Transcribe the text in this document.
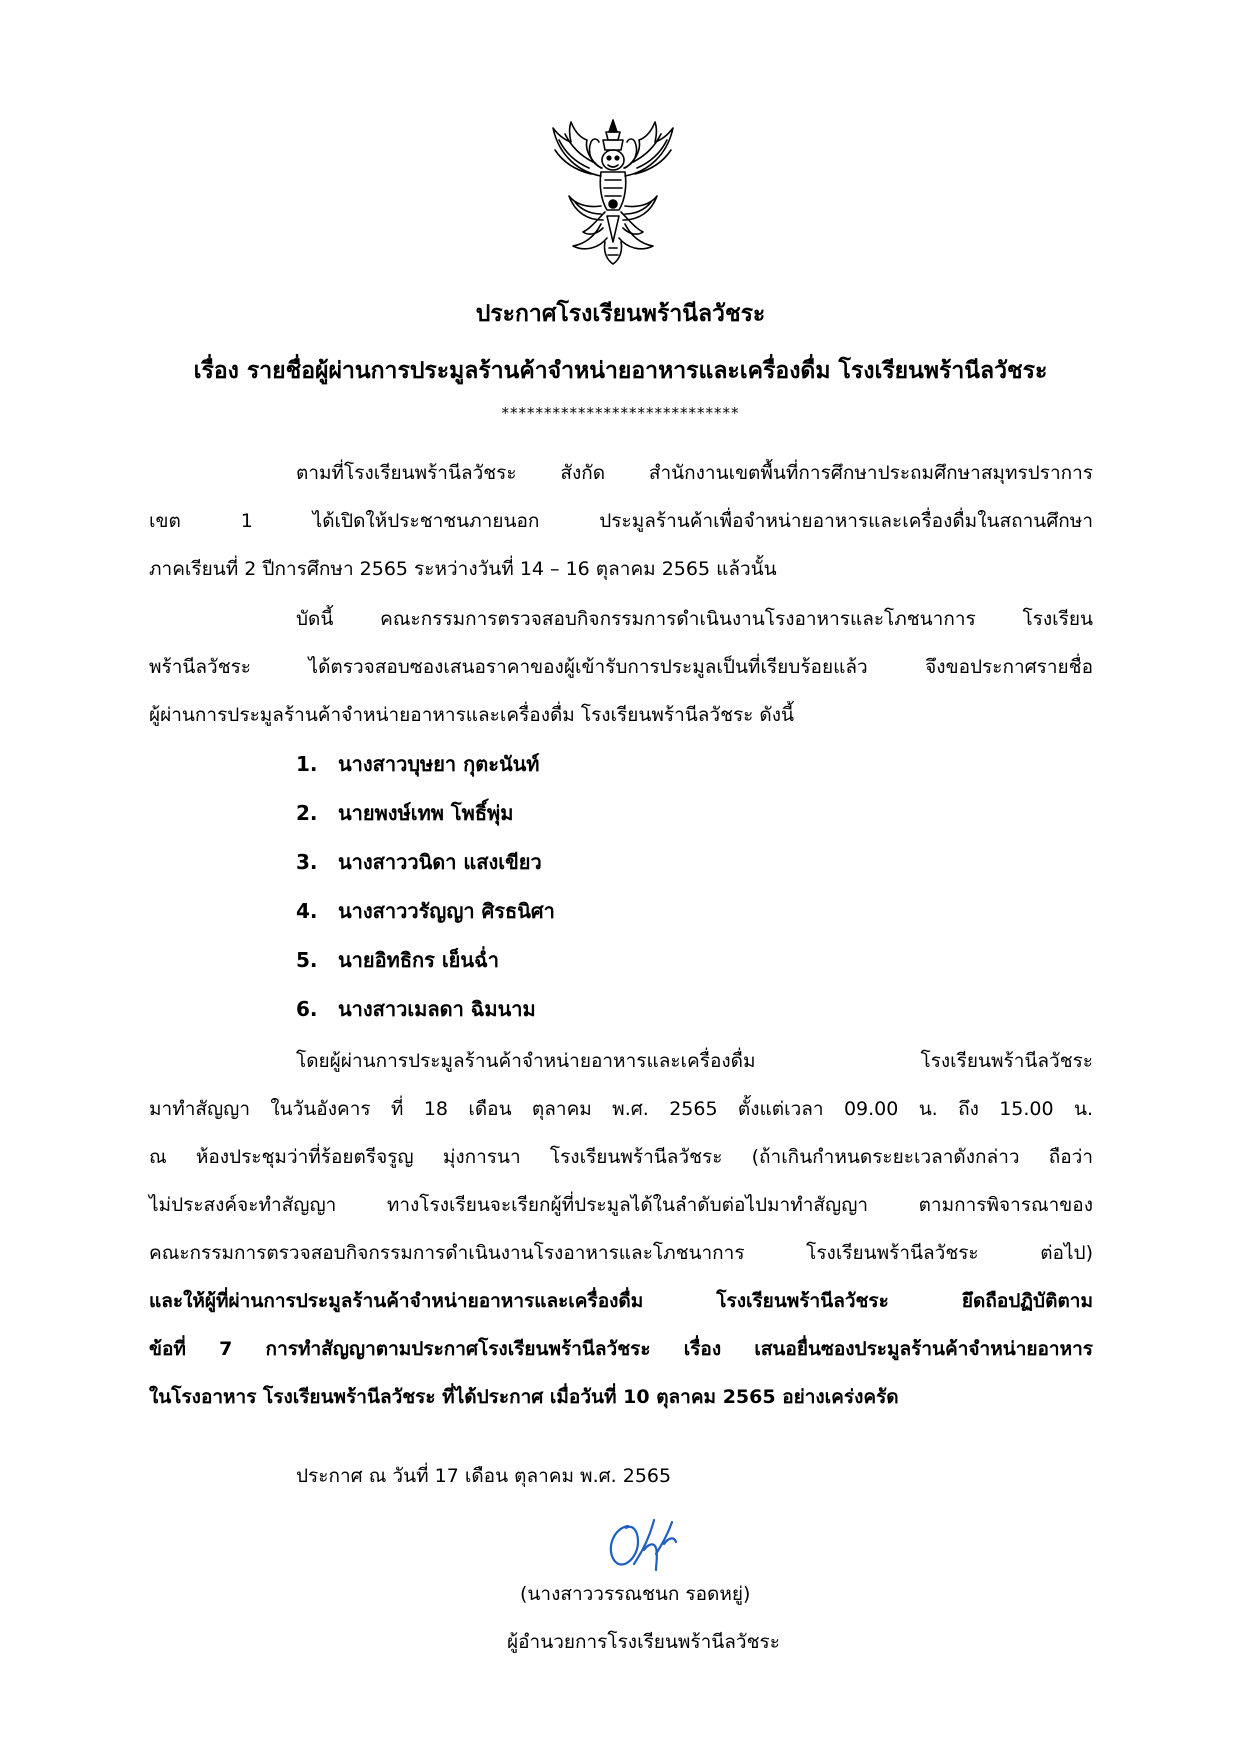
ประกาศโรงเรียนพร้านีลวัชระ
เรื่อง รายชื่อผู้ผ่านการประมูลร้านค้าจำหน่ายอาหารและเครื่องดื่ม โรงเรียนพร้านีลวัชระ
****************************
ตามที่โรงเรียนพร้านีลวัชระ สังกัด สำนักงานเขตพื้นที่การศึกษาประถมศึกษาสมุทรปราการ
เขต 1 ได้เปิดให้ประชาชนภายนอก ประมูลร้านค้าเพื่อจำหน่ายอาหารและเครื่องดื่มในสถานศึกษา
ภาคเรียนที่ 2 ปีการศึกษา 2565 ระหว่างวันที่ 14 – 16 ตุลาคม 2565 แล้วนั้น
บัดนี้ คณะกรรมการตรวจสอบกิจกรรมการดำเนินงานโรงอาหารและโภชนาการ โรงเรียน
พร้านีลวัชระ ได้ตรวจสอบซองเสนอราคาของผู้เข้ารับการประมูลเป็นที่เรียบร้อยแล้ว จึงขอประกาศรายชื่อ
ผู้ผ่านการประมูลร้านค้าจำหน่ายอาหารและเครื่องดื่ม โรงเรียนพร้านีลวัชระ ดังนี้
1. นางสาวบุษยา กุตะนันท์
2. นายพงษ์เทพ โพธิ์พุ่ม
3. นางสาววนิดา แสงเขียว
4. นางสาววรัญญา ศิรธนิศา
5. นายอิทธิกร เย็นฉ่ำ
6. นางสาวเมลดา ฉิมนาม
โดยผู้ผ่านการประมูลร้านค้าจำหน่ายอาหารและเครื่องดื่ม โรงเรียนพร้านีลวัชระ
มาทำสัญญา ในวันอังคาร ที่ 18 เดือน ตุลาคม พ.ศ. 2565 ตั้งแต่เวลา 09.00 น. ถึง 15.00 น.
ณ ห้องประชุมว่าที่ร้อยตรีจรูญ มุ่งการนา โรงเรียนพร้านีลวัชระ (ถ้าเกินกำหนดระยะเวลาดังกล่าว ถือว่า
ไม่ประสงค์จะทำสัญญา ทางโรงเรียนจะเรียกผู้ที่ประมูลได้ในลำดับต่อไปมาทำสัญญา ตามการพิจารณาของ
คณะกรรมการตรวจสอบกิจกรรมการดำเนินงานโรงอาหารและโภชนาการ โรงเรียนพร้านีลวัชระ ต่อไป)
และให้ผู้ที่ผ่านการประมูลร้านค้าจำหน่ายอาหารและเครื่องดื่ม โรงเรียนพร้านีลวัชระ ยึดถือปฏิบัติตาม
ข้อที่ 7 การทำสัญญาตามประกาศโรงเรียนพร้านีลวัชระ เรื่อง เสนอยื่นซองประมูลร้านค้าจำหน่ายอาหาร
ในโรงอาหาร โรงเรียนพร้านีลวัชระ ที่ได้ประกาศ เมื่อวันที่ 10 ตุลาคม 2565 อย่างเคร่งครัด
ประกาศ ณ วันที่ 17 เดือน ตุลาคม พ.ศ. 2565
(นางสาววรรณชนก รอดหยู่)
ผู้อำนวยการโรงเรียนพร้านีลวัชระ
